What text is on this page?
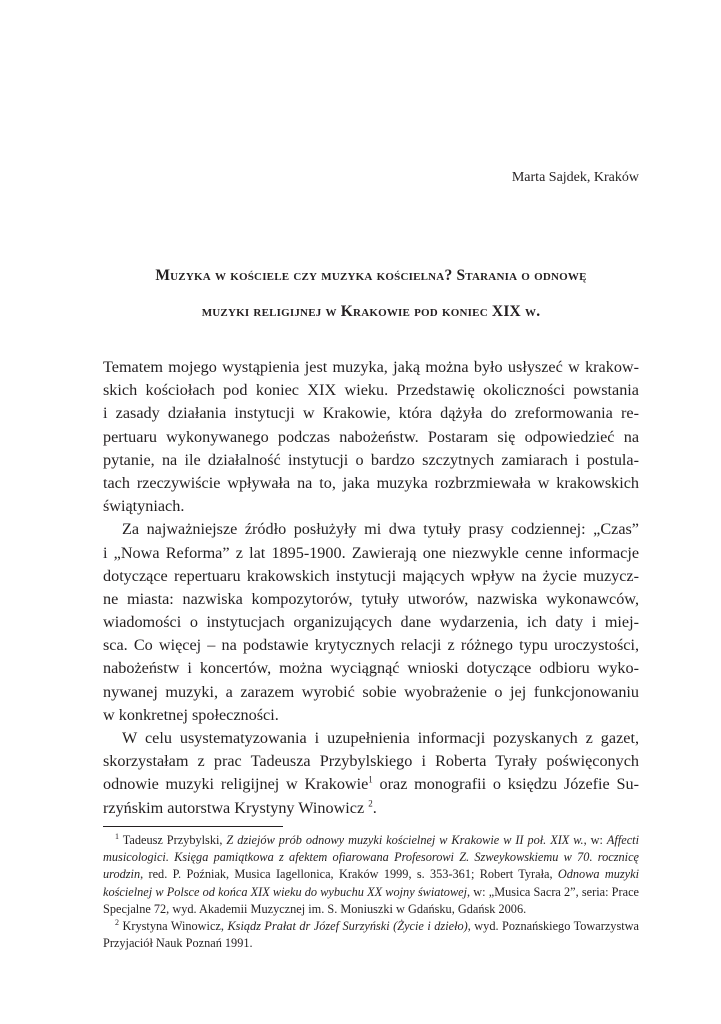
Marta Sajdek, Kraków
Muzyka w kościele czy muzyka kościelna? Starania o odnowę
muzyki religijnej w Krakowie pod koniec XIX w.
Tematem mojego wystąpienia jest muzyka, jaką można było usłyszeć w krakow-
skich kościołach pod koniec XIX wieku. Przedstawię okoliczności powstania
i zasady działania instytucji w Krakowie, która dążyła do zreformowania re-
pertuaru wykonywanego podczas nabożeństw. Postaram się odpowiedzieć na
pytanie, na ile działalność instytucji o bardzo szczytnych zamiarach i postula-
tach rzeczywiście wpływała na to, jaka muzyka rozbrzmiewała w krakowskich
świątyniach.
Za najważniejsze źródło posłużyły mi dwa tytuły prasy codziennej: „Czas”
i „Nowa Reforma” z lat 1895-1900. Zawierają one niezwykle cenne informacje
dotyczące repertuaru krakowskich instytucji mających wpływ na życie muzycz-
ne miasta: nazwiska kompozytorów, tytuły utworów, nazwiska wykonawców,
wiadomości o instytucjach organizujących dane wydarzenia, ich daty i miej-
sca. Co więcej – na podstawie krytycznych relacji z różnego typu uroczystości,
nabożeństw i koncertów, można wyciągnąć wnioski dotyczące odbioru wyko-
nywanej muzyki, a zarazem wyrobić sobie wyobrażenie o jej funkcjonowaniu
w konkretnej społeczności.
W celu usystematyzowania i uzupełnienia informacji pozyskanych z gazet,
skorzystałam z prac Tadeusza Przybylskiego i Roberta Tyrały poświęconych
odnowie muzyki religijnej w Krakowie$^1$ oraz monografii o księdzu Józefie Su-
rzyńskim autorstwa Krystyny Winowicz $^2$.
$^1$ Tadeusz Przybylski, Z dziejów prób odnowy muzyki kościelnej w Krakowie w II poł. XIX w., w: Affecti
musicologici. Księga pamiątkowa z afektem ofiarowana Profesorowi Z. Szweykowskiemu w 70. rocznicę
urodzin, red. P. Poźniak, Musica Iagellonica, Kraków 1999, s. 353-361; Robert Tyrała, Odnowa muzyki
kościelnej w Polsce od końca XIX wieku do wybuchu XX wojny światowej, w: „Musica Sacra 2”, seria: Prace
Specjalne 72, wyd. Akademii Muzycznej im. S. Moniuszki w Gdańsku, Gdańsk 2006.
$^2$ Krystyna Winowicz, Ksiądz Prałat dr Józef Surzyński (Życie i dzieło), wyd. Poznańskiego Towarzystwa
Przyjaciół Nauk Poznań 1991.
